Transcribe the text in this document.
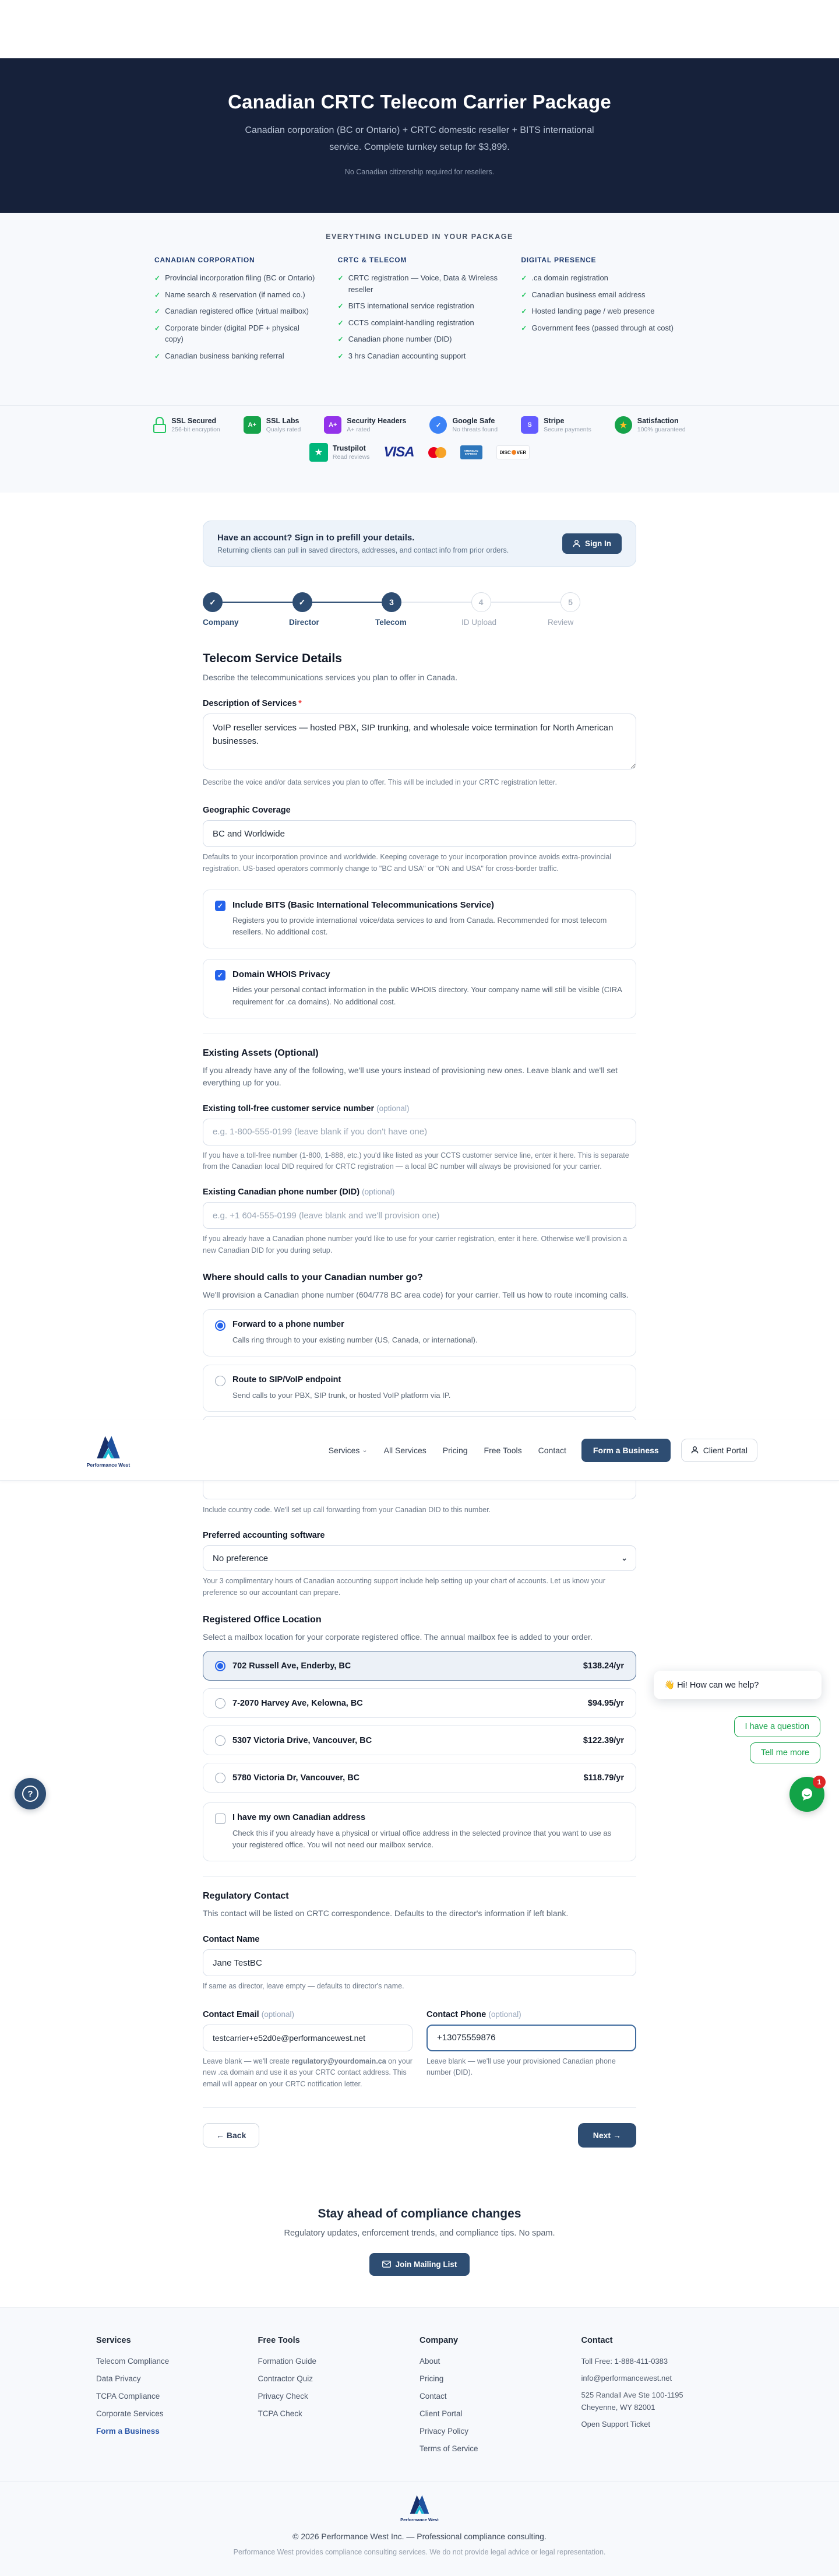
Canadian CRTC Telecom Carrier Package
Canadian corporation (BC or Ontario) + CRTC domestic reseller + BITS international service. Complete turnkey setup for $3,899.
No Canadian citizenship required for resellers.
EVERYTHING INCLUDED IN YOUR PACKAGE
CANADIAN CORPORATION
✓ Provincial incorporation filing (BC or Ontario)
✓ Name search & reservation (if named co.)
✓ Canadian registered office (virtual mailbox)
✓ Corporate binder (digital PDF + physical copy)
✓ Canadian business banking referral
CRTC & TELECOM
✓ CRTC registration — Voice, Data & Wireless reseller
✓ BITS international service registration
✓ CCTS complaint-handling registration
✓ Canadian phone number (DID)
✓ 3 hrs Canadian accounting support
DIGITAL PRESENCE
✓ .ca domain registration
✓ Canadian business email address
✓ Hosted landing page / web presence
✓ Government fees (passed through at cost)
SSL Secured
256-bit encryption
A+	SSL Labs
Qualys rated
A+	Security Headers
A+ rated
✓
Google Safe
No threats found
S	Stripe
Secure payments	★	Satisfaction
100% guaranteed
★	Trustpilot
Read reviews VISA	AMERICAN EXPRESS	DISC VER
Have an account? Sign in to prefill your details.

Returning clients can pull in saved directors, addresses, and contact info from prior orders.

Sign In
✓	✓	3	4	5
Company	Director	Telecom	ID Upload	Review
Telecom Service Details
Describe the telecommunications services you plan to offer in Canada.
Description of Services *
VoIP reseller services — hosted PBX, SIP trunking, and wholesale voice termination for North American businesses.
Describe the voice and/or data services you plan to offer. This will be included in your CRTC registration letter.
Geographic Coverage
BC and Worldwide
Defaults to your incorporation province and worldwide. Keeping coverage to your incorporation province avoids extra-provincial registration. US-based operators commonly change to "BC and USA" or "ON and USA" for cross-border traffic.
✓ Include BITS (Basic International Telecommunications Service)
Registers you to provide international voice/data services to and from Canada. Recommended for most telecom resellers. No additional cost.
✓ Domain WHOIS Privacy
Hides your personal contact information in the public WHOIS directory. Your company name will still be visible (CIRA requirement for .ca domains). No additional cost.
Existing Assets (Optional)
If you already have any of the following, we'll use yours instead of provisioning new ones. Leave blank and we'll set everything up for you.
Existing toll-free customer service number (optional)
e.g. 1-800-555-0199 (leave blank if you don't have one)
If you have a toll-free number (1-800, 1-888, etc.) you'd like listed as your CCTS customer service line, enter it here. This is separate from the Canadian local DID required for CRTC registration — a local BC number will always be provisioned for your carrier.
Existing Canadian phone number (DID) (optional)
e.g. +1 604-555-0199 (leave blank and we'll provision one)
If you already have a Canadian phone number you'd like to use for your carrier registration, enter it here. Otherwise we'll provision a new Canadian DID for you during setup.
Where should calls to your Canadian number go?
We'll provision a Canadian phone number (604/778 BC area code) for your carrier. Tell us how to route incoming calls.
Forward to a phone number
Calls ring through to your existing number (US, Canada, or international).
Route to SIP/VoIP endpoint
Send calls to your PBX, SIP trunk, or hosted VoIP platform via IP.
Performance West
Services ⌄ All Services Pricing Free Tools Contact	Form a Business	Client Portal
Include country code. We'll set up call forwarding from your Canadian DID to this number.
Preferred accounting software
No preference	⌄
Your 3 complimentary hours of Canadian accounting support include help setting up your chart of accounts. Let us know your preference so our accountant can prepare.
Registered Office Location
Select a mailbox location for your corporate registered office. The annual mailbox fee is added to your order.
702 Russell Ave, Enderby, BC	$138.24/yr
7-2070 Harvey Ave, Kelowna, BC	$94.95/yr
5307 Victoria Drive, Vancouver, BC	$122.39/yr
5780 Victoria Dr, Vancouver, BC	$118.79/yr
I have my own Canadian address
Check this if you already have a physical or virtual office address in the selected province that you want to use as your registered office. You will not need our mailbox service.
Regulatory Contact
This contact will be listed on CRTC correspondence. Defaults to the director's information if left blank.
Contact Name
Jane TestBC
If same as director, leave empty — defaults to director's name.
Contact Email (optional)
testcarrier+e52d0e@performancewest.net
Leave blank — we'll create regulatory@yourdomain.ca on your new .ca domain and use it as your CRTC contact address. This email will appear on your CRTC notification letter.
Contact Phone (optional)
+13075559876
Leave blank — we'll use your provisioned Canadian phone number (DID).
← Back	Next →
Stay ahead of compliance changes

Regulatory updates, enforcement trends, and compliance tips. No spam.

Join Mailing List
Services
Telecom Compliance
Data Privacy
TCPA Compliance
Corporate Services
Form a Business
Free Tools
Formation Guide
Contractor Quiz
Privacy Check
TCPA Check
Company
About
Pricing
Contact
Client Portal
Privacy Policy
Terms of Service
Contact
Toll Free: 1-888-411-0383
info@performancewest.net
525 Randall Ave Ste 100-1195
Cheyenne, WY 82001
Open Support Ticket
Performance West
© 2026 Performance West Inc. — Professional compliance consulting.
Performance West provides compliance consulting services. We do not provide legal advice or legal representation.
👋 Hi! How can we help?
I have a question
Tell me more
1
?
